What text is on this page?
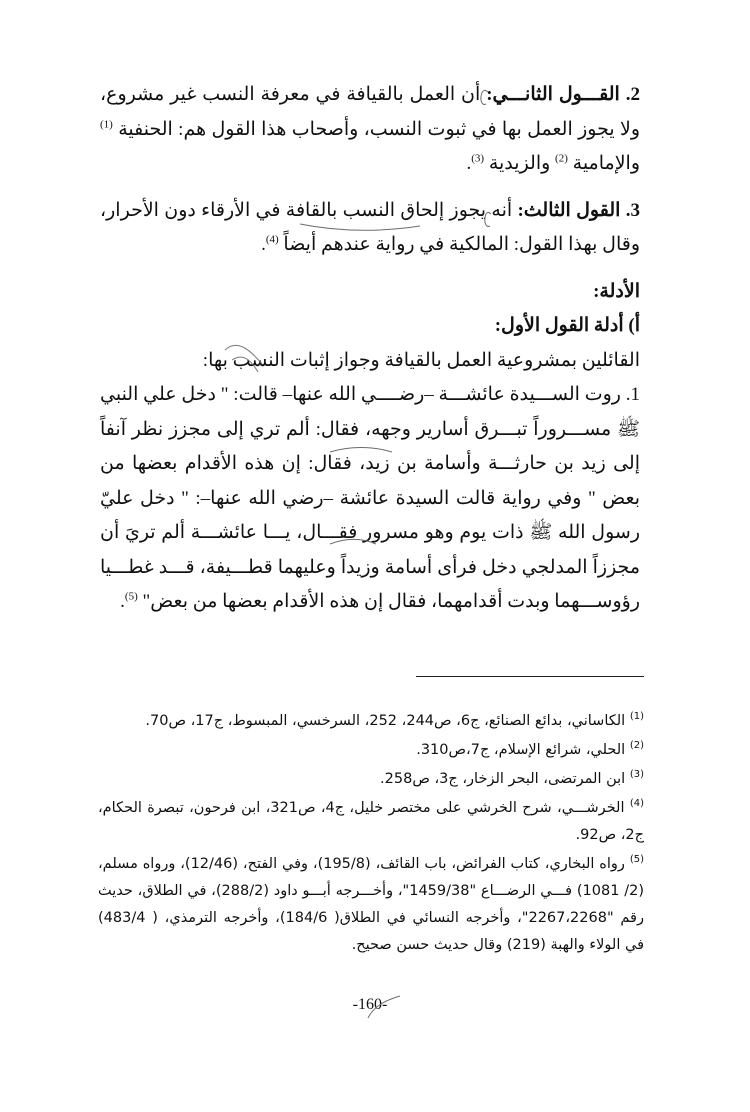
2. القـــول الثانـــي: أن العمل بالقيافة في معرفة النسب غير مشروع، ولا يجوز العمل بها في ثبوت النسب، وأصحاب هذا القول هم: الحنفية $^{(1)}$ والإمامية $^{(2)}$ والزيدية $^{(3)}$.

3. القول الثالث: أنه يجوز إلحاق النسب بالقافة في الأرقاء دون الأحرار، وقال بهذا القول: المالكية في رواية عندهم أيضاً $^{(4)}$.

الأدلة:

أ) أدلة القول الأول:

القائلين بمشروعية العمل بالقيافة وجواز إثبات النسب بها:

1. روت الســـيدة عائشـــة –رضــــي الله عنها– قالت: " دخل علي النبي ﷺ مســـروراً تبـــرق أسارير وجهه، فقال: ألم تري إلى مجزز نظر آنفاً إلى زيد بن حارثـــة وأسامة بن زيد، فقال: إن هذه الأقدام بعضها من بعض " وفي رواية قالت السيدة عائشة –رضي الله عنها–: " دخل عليّ رسول الله ﷺ ذات يوم وهو مسرور فقـــال، يـــا عائشـــة ألم تريَ أن مجززاً المدلجي دخل فرأى أسامة وزيداً وعليهما قطـــيفة، قـــد غطـــيا رؤوســـهما وبدت أقدامهما، فقال إن هذه الأقدام بعضها من بعض" $^{(5)}$.

$^{(1)}$ الكاساني، بدائع الصنائع، ج6، ص244، 252، السرخسي، المبسوط، ج17، ص70.
$^{(2)}$ الحلي، شرائع الإسلام، ج7،ص310.
$^{(3)}$ ابن المرتضى، البحر الزخار، ج3، ص258.
$^{(4)}$ الخرشـــي، شرح الخرشي على مختصر خليل، ج4، ص321، ابن فرحون، تبصرة الحكام، ج2، ص92.
$^{(5)}$ رواه البخاري، كتاب الفرائض، باب القائف، (195/8)، وفي الفتح، (12/46)، ورواه مسلم، (2/ 1081) فـــي الرضـــاع "1459/38"، وأخـــرجه أبـــو داود (288/2)، في الطلاق، حديث رقم "2267،2268"، وأخرجه النسائي في الطلاق( 184/6)، وأخرجه الترمذي، ( 483/4) في الولاء والهبة (219) وقال حديث حسن صحيح.
-160-
